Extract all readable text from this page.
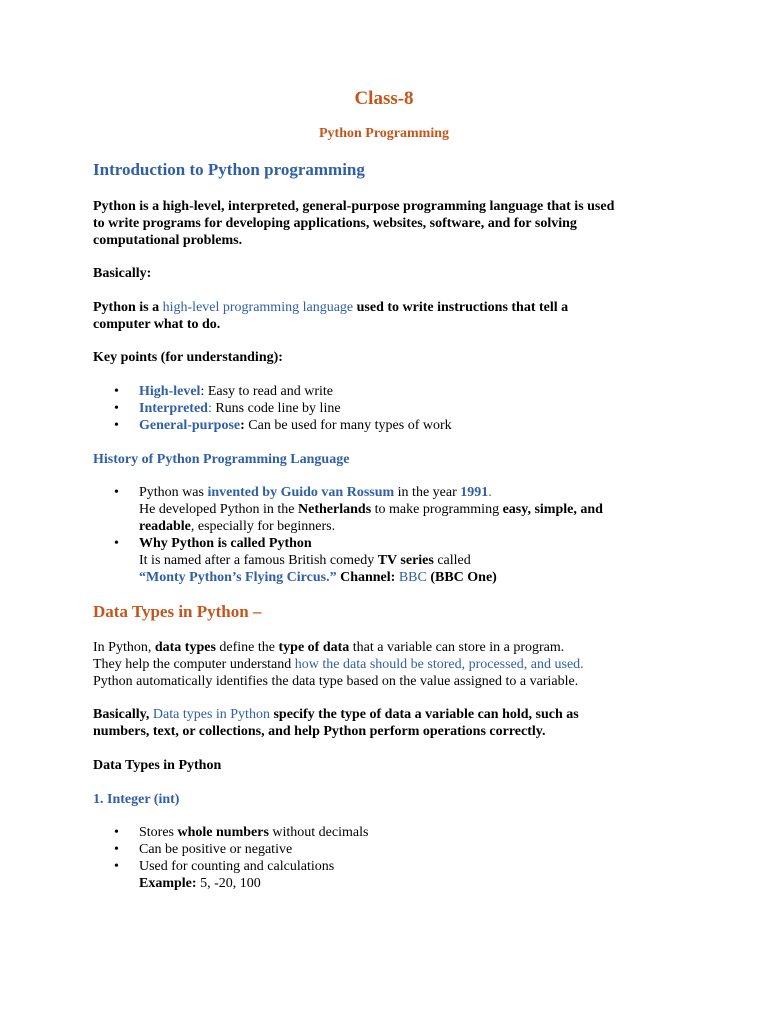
Class-8
Python Programming
Introduction to Python programming
Python is a high-level, interpreted, general-purpose programming language that is used
to write programs for developing applications, websites, software, and for solving
computational problems.
Basically:
Python is a high-level programming language used to write instructions that tell a
computer what to do.
Key points (for understanding):
• High-level: Easy to read and write
• Interpreted: Runs code line by line
• General-purpose: Can be used for many types of work
History of Python Programming Language
• Python was invented by Guido van Rossum in the year 1991.
He developed Python in the Netherlands to make programming easy, simple, and
readable, especially for beginners.
• Why Python is called Python
It is named after a famous British comedy TV series called
“Monty Python’s Flying Circus.” Channel: BBC (BBC One)
Data Types in Python –
In Python, data types define the type of data that a variable can store in a program.
They help the computer understand how the data should be stored, processed, and used.
Python automatically identifies the data type based on the value assigned to a variable.
Basically, Data types in Python specify the type of data a variable can hold, such as
numbers, text, or collections, and help Python perform operations correctly.
Data Types in Python
1. Integer (int)
• Stores whole numbers without decimals
• Can be positive or negative
• Used for counting and calculations
Example: 5, -20, 100
